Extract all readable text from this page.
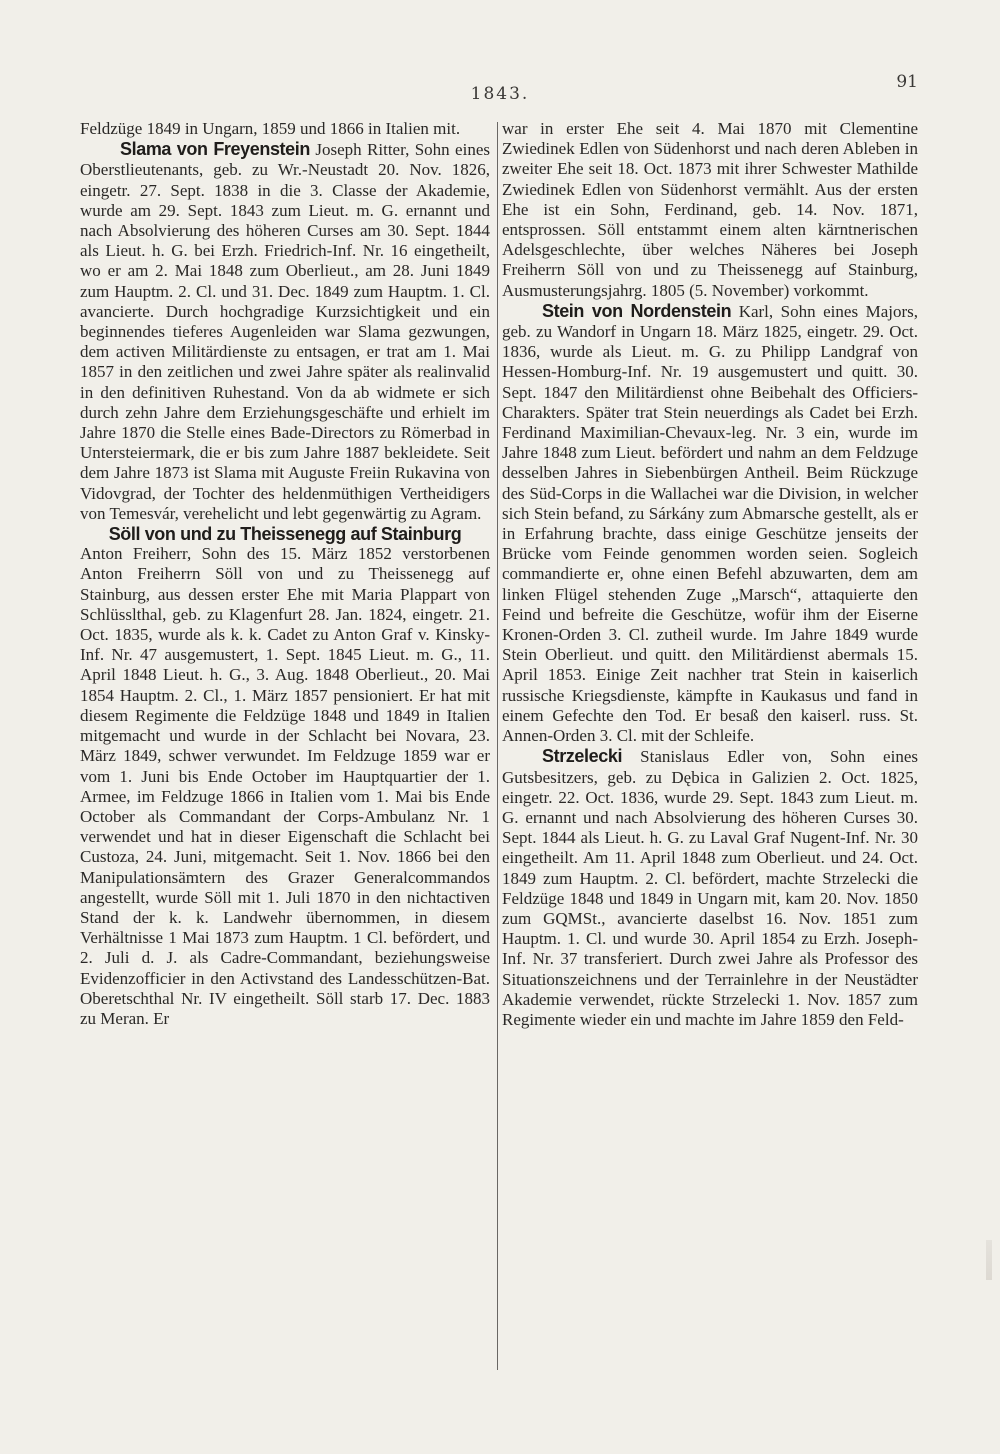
1843.
91

Feldzüge 1849 in Ungarn, 1859 und 1866 in Italien mit.

Slama von Freyenstein Joseph Ritter, Sohn eines Oberstlieutenants, geb. zu Wr.-Neustadt 20. Nov. 1826, eingetr. 27. Sept. 1838 in die 3. Classe der Akademie, wurde am 29. Sept. 1843 zum Lieut. m. G. ernannt und nach Absolvierung des höheren Curses am 30. Sept. 1844 als Lieut. h. G. bei Erzh. Friedrich-Inf. Nr. 16 eingetheilt, wo er am 2. Mai 1848 zum Oberlieut., am 28. Juni 1849 zum Hauptm. 2. Cl. und 31. Dec. 1849 zum Hauptm. 1. Cl. avancierte. Durch hochgradige Kurzsichtigkeit und ein beginnendes tieferes Augenleiden war Slama gezwungen, dem activen Militärdienste zu entsagen, er trat am 1. Mai 1857 in den zeitlichen und zwei Jahre später als realinvalid in den definitiven Ruhestand. Von da ab widmete er sich durch zehn Jahre dem Erziehungsgeschäfte und erhielt im Jahre 1870 die Stelle eines Bade-Directors zu Römerbad in Untersteiermark, die er bis zum Jahre 1887 bekleidete. Seit dem Jahre 1873 ist Slama mit Auguste Freiin Rukavina von Vidovgrad, der Tochter des heldenmüthigen Vertheidigers von Temesvár, verehelicht und lebt gegenwärtig zu Agram.

Söll von und zu Theissenegg auf Stainburg

Anton Freiherr, Sohn des 15. März 1852 verstorbenen Anton Freiherrn Söll von und zu Theissenegg auf Stainburg, aus dessen erster Ehe mit Maria Plappart von Schlüsslthal, geb. zu Klagenfurt 28. Jan. 1824, eingetr. 21. Oct. 1835, wurde als k. k. Cadet zu Anton Graf v. Kinsky-Inf. Nr. 47 ausgemustert, 1. Sept. 1845 Lieut. m. G., 11. April 1848 Lieut. h. G., 3. Aug. 1848 Oberlieut., 20. Mai 1854 Hauptm. 2. Cl., 1. März 1857 pensioniert. Er hat mit diesem Regimente die Feldzüge 1848 und 1849 in Italien mitgemacht und wurde in der Schlacht bei Novara, 23. März 1849, schwer verwundet. Im Feldzuge 1859 war er vom 1. Juni bis Ende October im Hauptquartier der 1. Armee, im Feldzuge 1866 in Italien vom 1. Mai bis Ende October als Commandant der Corps-Ambulanz Nr. 1 verwendet und hat in dieser Eigenschaft die Schlacht bei Custoza, 24. Juni, mitgemacht. Seit 1. Nov. 1866 bei den Manipulationsämtern des Grazer Generalcommandos angestellt, wurde Söll mit 1. Juli 1870 in den nichtactiven Stand der k. k. Landwehr übernommen, in diesem Verhältnisse 1 Mai 1873 zum Hauptm. 1 Cl. befördert, und 2. Juli d. J. als Cadre-Commandant, beziehungsweise Evidenzofficier in den Activstand des Landesschützen-Bat. Oberetschthal Nr. IV eingetheilt. Söll starb 17. Dec. 1883 zu Meran. Er

war in erster Ehe seit 4. Mai 1870 mit Clementine Zwiedinek Edlen von Südenhorst und nach deren Ableben in zweiter Ehe seit 18. Oct. 1873 mit ihrer Schwester Mathilde Zwiedinek Edlen von Südenhorst vermählt. Aus der ersten Ehe ist ein Sohn, Ferdinand, geb. 14. Nov. 1871, entsprossen. Söll entstammt einem alten kärntnerischen Adelsgeschlechte, über welches Näheres bei Joseph Freiherrn Söll von und zu Theissenegg auf Stainburg, Ausmusterungsjahrg. 1805 (5. November) vorkommt.

Stein von Nordenstein Karl, Sohn eines Majors, geb. zu Wandorf in Ungarn 18. März 1825, eingetr. 29. Oct. 1836, wurde als Lieut. m. G. zu Philipp Landgraf von Hessen-Homburg-Inf. Nr. 19 ausgemustert und quitt. 30. Sept. 1847 den Militärdienst ohne Beibehalt des Officiers-Charakters. Später trat Stein neuerdings als Cadet bei Erzh. Ferdinand Maximilian-Chevaux-leg. Nr. 3 ein, wurde im Jahre 1848 zum Lieut. befördert und nahm an dem Feldzuge desselben Jahres in Siebenbürgen Antheil. Beim Rückzuge des Süd-Corps in die Wallachei war die Division, in welcher sich Stein befand, zu Sárkány zum Abmarsche gestellt, als er in Erfahrung brachte, dass einige Geschütze jenseits der Brücke vom Feinde genommen worden seien. Sogleich commandierte er, ohne einen Befehl abzuwarten, dem am linken Flügel stehenden Zuge „Marsch“, attaquierte den Feind und befreite die Geschütze, wofür ihm der Eiserne Kronen-Orden 3. Cl. zutheil wurde. Im Jahre 1849 wurde Stein Oberlieut. und quitt. den Militärdienst abermals 15. April 1853. Einige Zeit nachher trat Stein in kaiserlich russische Kriegsdienste, kämpfte in Kaukasus und fand in einem Gefechte den Tod. Er besaß den kaiserl. russ. St. Annen-Orden 3. Cl. mit der Schleife.

Strzelecki Stanislaus Edler von, Sohn eines Gutsbesitzers, geb. zu Dębica in Galizien 2. Oct. 1825, eingetr. 22. Oct. 1836, wurde 29. Sept. 1843 zum Lieut. m. G. ernannt und nach Absolvierung des höheren Curses 30. Sept. 1844 als Lieut. h. G. zu Laval Graf Nugent-Inf. Nr. 30 eingetheilt. Am 11. April 1848 zum Oberlieut. und 24. Oct. 1849 zum Hauptm. 2. Cl. befördert, machte Strzelecki die Feldzüge 1848 und 1849 in Ungarn mit, kam 20. Nov. 1850 zum GQMSt., avancierte daselbst 16. Nov. 1851 zum Hauptm. 1. Cl. und wurde 30. April 1854 zu Erzh. Joseph-Inf. Nr. 37 transferiert. Durch zwei Jahre als Professor des Situationszeichnens und der Terrainlehre in der Neustädter Akademie verwendet, rückte Strzelecki 1. Nov. 1857 zum Regimente wieder ein und machte im Jahre 1859 den Feld-
